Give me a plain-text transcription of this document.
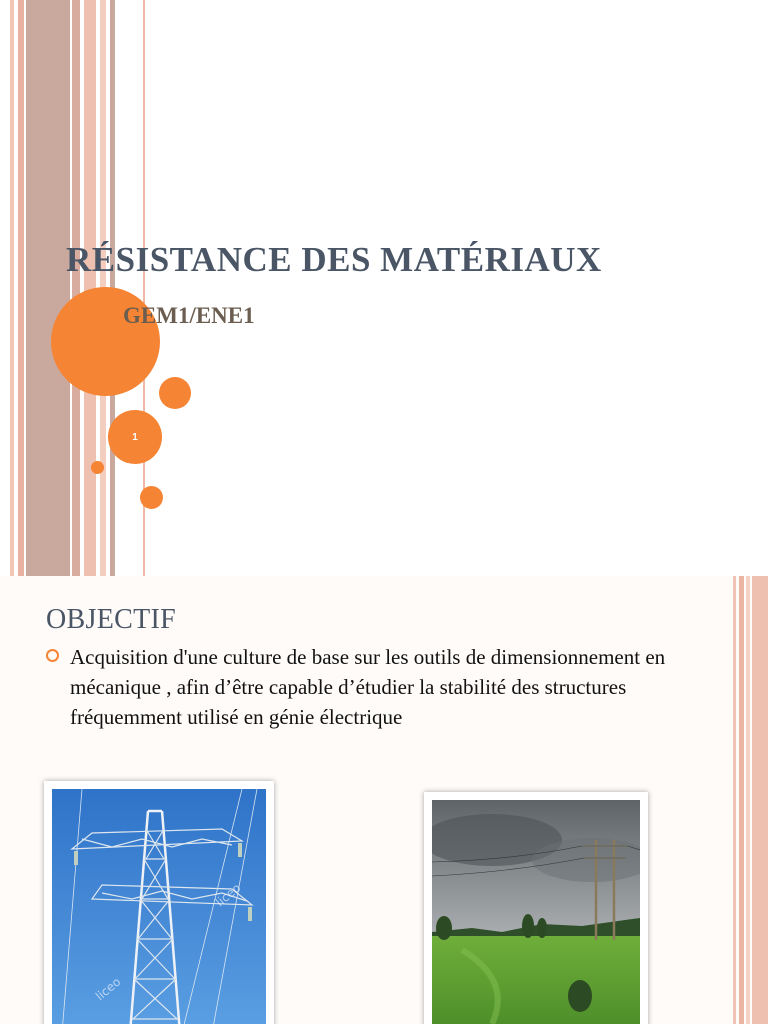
1
RÉSISTANCE DES MATÉRIAUX
GEM1/ENE1
OBJECTIF
Acquisition d'une culture de base sur les outils de dimensionnement en mécanique , afin d’être capable d’étudier la stabilité des structures fréquemment utilisé en génie électrique
liceo
liceo
